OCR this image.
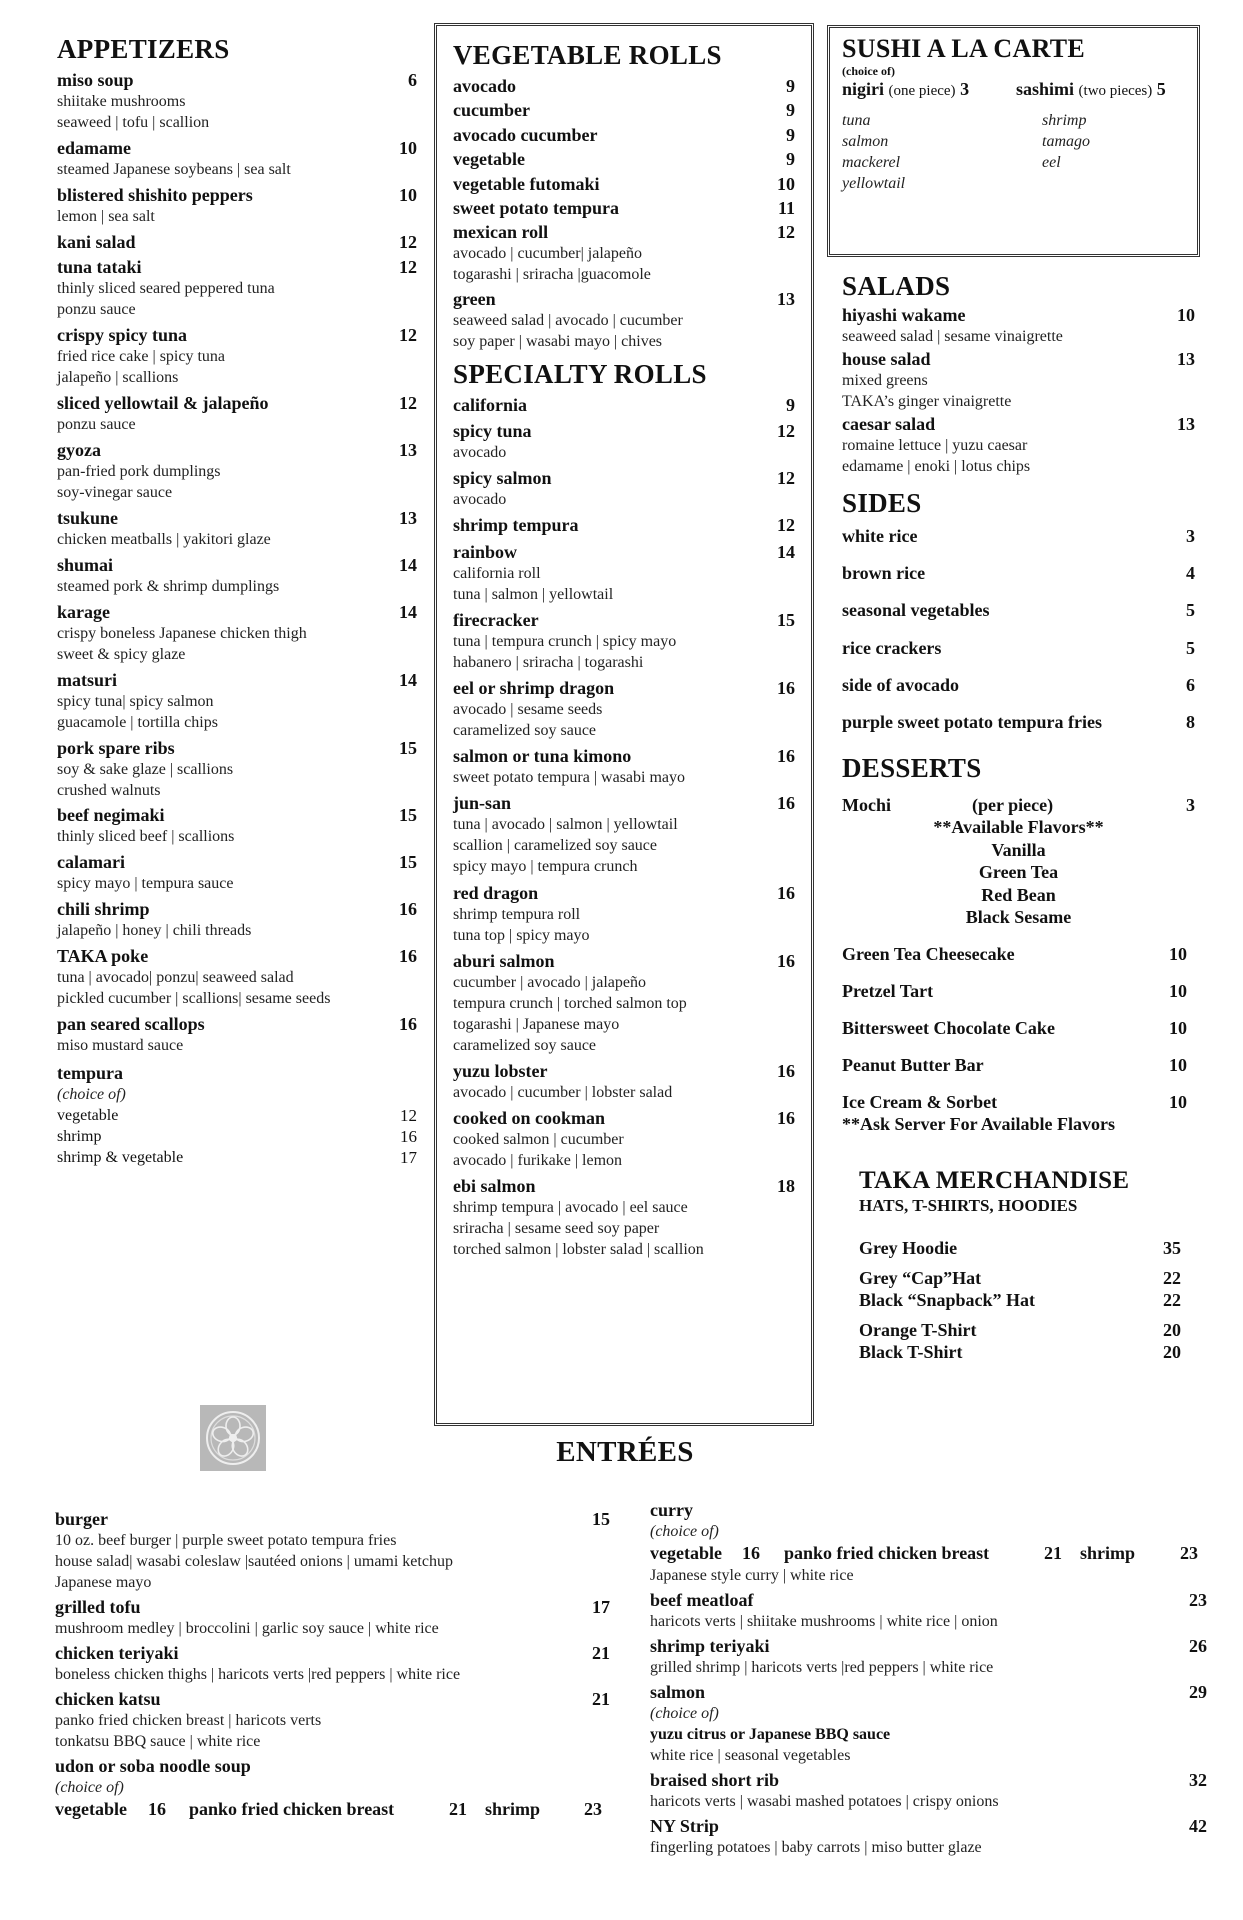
APPETIZERS
miso soup	6
shiitake mushrooms
seaweed | tofu | scallion
edamame	10
steamed Japanese soybeans | sea salt
blistered shishito peppers	10
lemon | sea salt
kani salad	12
tuna tataki	12
thinly sliced seared peppered tuna
ponzu sauce
crispy spicy tuna	12
fried rice cake | spicy tuna
jalapeño | scallions
sliced yellowtail & jalapeño	12
ponzu sauce
gyoza	13
pan-fried pork dumplings
soy-vinegar sauce
tsukune	13
chicken meatballs | yakitori glaze
shumai	14
steamed pork & shrimp dumplings
karage	14
crispy boneless Japanese chicken thigh
sweet & spicy glaze
matsuri	14
spicy tuna| spicy salmon
guacamole | tortilla chips
pork spare ribs	15
soy & sake glaze | scallions
crushed walnuts
beef negimaki	15
thinly sliced beef | scallions
calamari	15
spicy mayo | tempura sauce
chili shrimp	16
jalapeño | honey | chili threads
TAKA poke	16
tuna | avocado| ponzu| seaweed salad
pickled cucumber | scallions| sesame seeds
pan seared scallops	16
miso mustard sauce
tempura
(choice of)
vegetable	12
shrimp	16
shrimp & vegetable	17
VEGETABLE ROLLS
avocado	9
cucumber	9
avocado cucumber	9
vegetable	9
vegetable futomaki	10
sweet potato tempura	11
mexican roll	12
avocado | cucumber| jalapeño
togarashi | sriracha |guacomole
green	13
seaweed salad | avocado | cucumber
soy paper | wasabi mayo | chives
SPECIALTY ROLLS
california	9
spicy tuna	12
avocado
spicy salmon	12
avocado
shrimp tempura	12
rainbow	14
california roll
tuna | salmon | yellowtail
firecracker	15
tuna | tempura crunch | spicy mayo
habanero | sriracha | togarashi
eel or shrimp dragon	16
avocado | sesame seeds
caramelized soy sauce
salmon or tuna kimono	16
sweet potato tempura | wasabi mayo
jun-san	16
tuna | avocado | salmon | yellowtail
scallion | caramelized soy sauce
spicy mayo | tempura crunch
red dragon	16
shrimp tempura roll
tuna top | spicy mayo
aburi salmon	16
cucumber | avocado | jalapeño
tempura crunch | torched salmon top
togarashi | Japanese mayo
caramelized soy sauce
yuzu lobster	16
avocado | cucumber | lobster salad
cooked on cookman	16
cooked salmon | cucumber
avocado | furikake | lemon
ebi salmon	18
shrimp tempura | avocado | eel sauce
sriracha | sesame seed soy paper
torched salmon | lobster salad | scallion
SUSHI A LA CARTE
(choice of)
nigiri (one piece) 3	sashimi (two pieces) 5
tuna
salmon
mackerel
yellowtail
shrimp
tamago
eel
SALADS
hiyashi wakame	10
seaweed salad | sesame vinaigrette
house salad	13
mixed greens
TAKA’s ginger vinaigrette
caesar salad	13
romaine lettuce | yuzu caesar
edamame | enoki | lotus chips
SIDES
white rice	3
brown rice	4
seasonal vegetables	5
rice crackers	5
side of avocado	6
purple sweet potato tempura fries	8
DESSERTS
Mochi	(per piece)	3
**Available Flavors**
Vanilla
Green Tea
Red Bean
Black Sesame
Green Tea Cheesecake	10
Pretzel Tart	10
Bittersweet Chocolate Cake	10
Peanut Butter Bar	10
Ice Cream & Sorbet	10
**Ask Server For Available Flavors
TAKA MERCHANDISE
HATS, T-SHIRTS, HOODIES
Grey Hoodie	35
Grey “Cap”Hat	22
Black “Snapback” Hat	22
Orange T-Shirt	20
Black T-Shirt	20
ENTRÉES
burger	15
10 oz. beef burger | purple sweet potato tempura fries
house salad| wasabi coleslaw |sautéed onions | umami ketchup
Japanese mayo
grilled tofu	17
mushroom medley | broccolini | garlic soy sauce | white rice
chicken teriyaki	21
boneless chicken thighs | haricots verts |red peppers | white rice
chicken katsu	21
panko fried chicken breast | haricots verts
tonkatsu BBQ sauce | white rice
udon or soba noodle soup
(choice of)
vegetable 16 panko fried chicken breast	21 shrimp 23
curry
(choice of)
vegetable 16 panko fried chicken breast	21 shrimp 23
Japanese style curry | white rice
beef meatloaf	23
haricots verts | shiitake mushrooms | white rice | onion
shrimp teriyaki	26
grilled shrimp | haricots verts |red peppers | white rice
salmon	29
(choice of)
yuzu citrus or Japanese BBQ sauce
white rice | seasonal vegetables
braised short rib	32
haricots verts | wasabi mashed potatoes | crispy onions
NY Strip	42
fingerling potatoes | baby carrots | miso butter glaze
